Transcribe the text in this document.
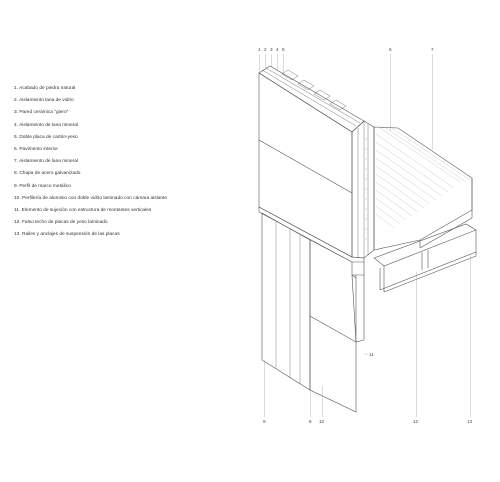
1. Acabado de piedra natural
2. Aislamiento lana de vidrio
3. Pared cerámica "giero"
4. Aislamiento de lana mineral
5. Doble placa de cartón-yeso
6. Pavimento interior
7. Aislamiento de lana mineral
8. Chapa de acero galvanizado
9. Perfil de marco metálico
10. Perfilería de aluminio con doble vidrio laminado con cámara aislante
11. Elemento de sujeción con estructura de montantes verticales
12. Falso techo de placas de yeso laminado
13. Railes y anclajes de suspensión de las placas
1 2 3 4 5	6	7
9	8 10	12	13
11
